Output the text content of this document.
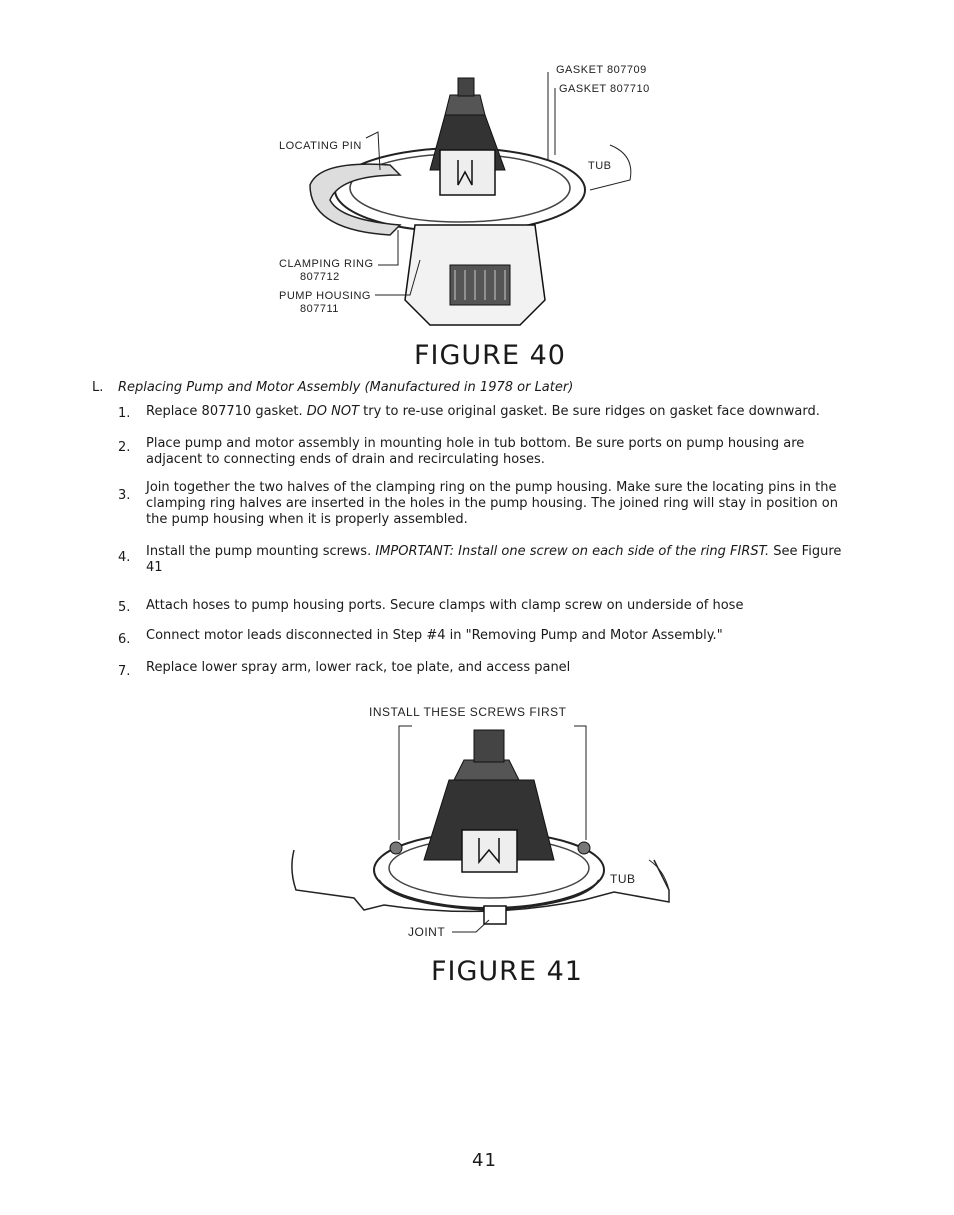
GASKET 807709
GASKET 807710
LOCATING PIN
TUB
CLAMPING RING
807712
PUMP HOUSING
807711
FIGURE 40
L. Replacing Pump and Motor Assembly (Manufactured in 1978 or Later)
1. Replace 807710 gasket. DO NOT try to re-use original gasket. Be sure ridges on gasket face downward.
2. Place pump and motor assembly in mounting hole in tub bottom. Be sure ports on pump housing are adjacent to connecting ends of drain and recirculating hoses.
3.
Join together the two halves of the clamping ring on the pump housing. Make sure the locating pins in the clamping ring halves are inserted in the holes in the pump housing. The joined ring will stay in position on the pump housing when it is properly assembled.
4. Install the pump mounting screws. IMPORTANT: Install one screw on each side of the ring FIRST. See Figure 41
5. Attach hoses to pump housing ports. Secure clamps with clamp screw on underside of hose
6. Connect motor leads disconnected in Step #4 in "Removing Pump and Motor Assembly."
7. Replace lower spray arm, lower rack, toe plate, and access panel
INSTALL THESE SCREWS FIRST
TUB
JOINT
FIGURE 41
41
